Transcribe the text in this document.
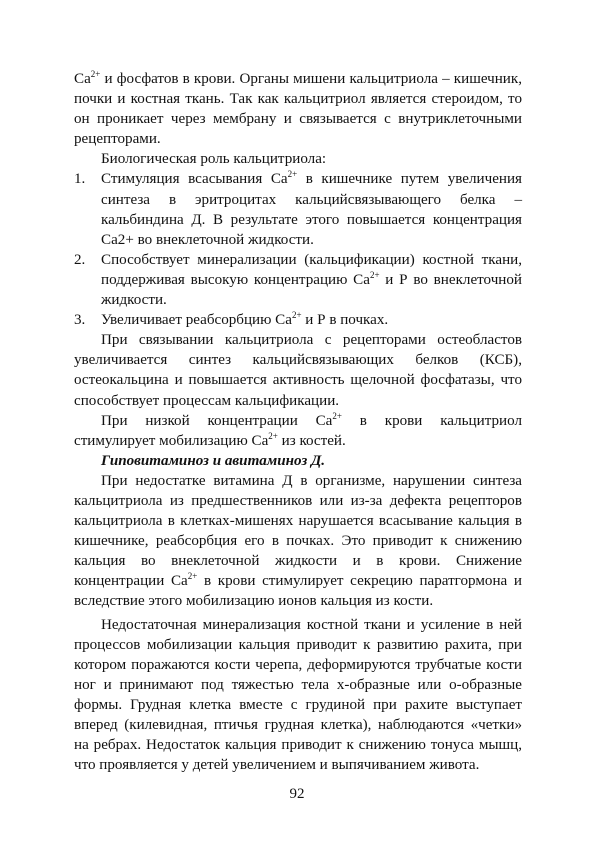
$Ca^{2+}$ и фосфатов в крови. Органы мишени кальцитриола – кишечник, почки и костная ткань. Так как кальцитриол является стероидом, то он проникает через мембрану и связывается с внутриклеточными рецепторами.

Биологическая роль кальцитриола:

1. Стимуляция всасывания $Ca^{2+}$ в кишечнике путем увеличения синтеза в эритроцитах кальцийсвязывающего белка – кальбиндина Д. В результате этого повышается концентрация Ca2+ во внеклеточной жидкости.
2. Способствует минерализации (кальцификации) костной ткани, поддерживая высокую концентрацию $Ca^{2+}$ и Р во внеклеточной жидкости.
3. Увеличивает реабсорбцию $Ca^{2+}$ и Р в почках.

При связывании кальцитриола с рецепторами остеобластов увеличивается синтез кальцийсвязывающих белков (КСБ), остеокальцина и повышается активность щелочной фосфатазы, что способствует процессам кальцификации.

При низкой концентрации $Ca^{2+}$ в крови кальцитриол стимулирует мобилизацию $Ca^{2+}$ из костей.

Гиповитаминоз и авитаминоз Д.

При недостатке витамина Д в организме, нарушении синтеза кальцитриола из предшественников или из-за дефекта рецепторов кальцитриола в клетках-мишенях нарушается всасывание кальция в кишечнике, реабсорбция его в почках. Это приводит к снижению кальция во внеклеточной жидкости и в крови. Снижение концентрации $Ca^{2+}$ в крови стимулирует секрецию паратгормона и вследствие этого мобилизацию ионов кальция из кости.

Недостаточная минерализация костной ткани и усиление в ней процессов мобилизации кальция приводит к развитию рахита, при котором поражаются кости черепа, деформируются трубчатые кости ног и принимают под тяжестью тела х-образные или о-образные формы. Грудная клетка вместе с грудиной при рахите выступает вперед (килевидная, птичья грудная клетка), наблюдаются «четки» на ребрах. Недостаток кальция приводит к снижению тонуса мышц, что проявляется у детей увеличением и выпячиванием живота.

92
